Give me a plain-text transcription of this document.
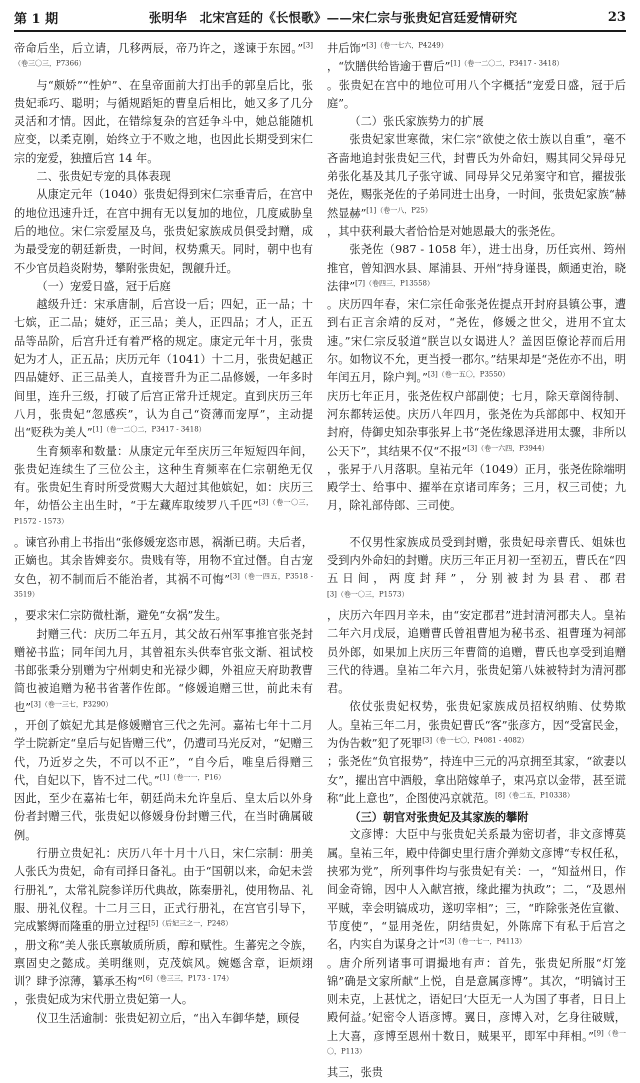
第 1 期	张明华　北宋宫廷的《长恨歌》——宋仁宗与张贵妃宫廷爱情研究	23

帝命后坐，后立请，几移两辰，帝乃许之，遂谏于东园。”$^{[3](卷三〇三,P7366)}$

与“颇娇”“性妒”、在皇帝面前大打出手的郭皇后比，张贵妃乖巧、聪明；与循规蹈矩的曹皇后相比，她又多了几分灵活和才情。因此，在错综复杂的宫廷争斗中，她总能随机应变，以柔克刚，始终立于不败之地，也因此长期受到宋仁宗的宠爱，独擅后宫 14 年。

二、张贵妃专宠的具体表现

从康定元年（1040）张贵妃得到宋仁宗垂青后，在宫中的地位迅速升迁，在宫中拥有无以复加的地位，几度威胁皇后的地位。宋仁宗爱屋及乌，张贵妃家族成员俱受封赠，成为最受宠的朝廷新贵，一时间，权势熏天。同时，朝中也有不少官员趋炎附势，攀附张贵妃，觊觎升迁。

（一）宠爱日盛，冠于后庭

越级升迁：宋承唐制，后宫设一后；四妃，正一品；十七嫔，正二品；婕妤，正三品；美人，正四品；才人，正五品等品阶，后宫升迁有着严格的规定。康定元年十月，张贵妃为才人，正五品；庆历元年（1041）十二月，张贵妃越正四品婕妤、正三品美人，直接晋升为正二品修媛，一年多时间里，连升三级，打破了后宫正常升迁规定。直到庆历三年八月，张贵妃“忽感疾”，认为自己“资薄而宠厚”，主动提出“贬秩为美人”$^{[1](卷一二〇二,P3417 - 3418)}$

生育频率和数量：从康定元年至庆历三年短短四年间，张贵妃连续生了三位公主，这种生育频率在仁宗朝绝无仅有。张贵妃生育时所受赏赐大大超过其他嫔妃，如：庆历三年，幼悟公主出生时，“于左藏库取绫罗八千匹”$^{[3](卷一〇三,P1572 - 1573)}$

。谏官孙甫上书指出“张修媛宠恣市恩，祸渐已萌。夫后者，正嫡也。其余皆婢妾尔。贵贱有等，用物不宜过僭。自古宠女色，初不制而后不能治者，其祸不可悔”$^{[3](卷一四五,P3518 - 3519)}$

，要求宋仁宗防微杜渐，避免“女祸”发生。

封赠三代：庆历二年五月，其父故石州军事推官张尧封赠祕书监；同年闰九月，其曾祖东头供奉官张文渐、祖试校书郎张秉分别赠为宁州刺史和光禄少卿，外祖应天府助教曹简也被追赠为秘书省著作佐郎。“修媛追赠三世，前此未有也”$^{[3](卷一三七,P3290)}$

，开创了嫔妃尤其是修媛赠官三代之先河。嘉祐七年十二月学士院新定“皇后与妃皆赠三代”，仍遭司马光反对，“妃赠三代，乃近岁之失，不可以不正”，“自今后，唯皇后得赠三代，自妃以下，皆不过二代。”$^{[1](卷一一,P16)}$

因此，至少在嘉祐七年，朝廷尚未允许皇后、皇太后以外身份者封赠三代，张贵妃以修媛身份封赠三代，在当时确属破例。

行册立贵妃礼：庆历八年十月十八日，宋仁宗制：册美人张氏为贵妃，命有司择日备礼。由于“国朝以来，命妃未尝行册礼”，太常礼院参详历代典故，陈秦册礼，使用物品、礼服、册礼仪程。十二月三日，正式行册礼，在宫官引导下，完成繁缛而隆重的册立过程$^{[5](后妃三之一,P248)}$

，册文称“美人张氏禀敏质所质，醇和赋性。生蕃宪之令族，禀固史之懿成。美明继则，克茂嫔风。婉嫕含章，讵烦翊训？肆予涼薄，纂承丕构”$^{[6](卷三三,P173 - 174)}$

，张贵妃成为宋代册立贵妃第一人。

仪卫生活逾制：张贵妃初立后，“出入车御华楚，顾侵

井后饰”$^{[3](卷一七六,P4249)}$

，“饮膳供给皆逾于曹后”$^{[1](卷一二〇二,P3417 - 3418)}$

。张贵妃在宫中的地位可用八个字概括“宠爱日盛，冠于后庭”。

（二）张氏家族势力的扩展

张贵妃家世寒微，宋仁宗“欲使之依士族以自重”，毫不吝啬地追封张贵妃三代，封曹氏为外命妇，赐其同父异母兄弟张化基及其几子张守诚、同母异父兄弟窦守和官，擢拔张尧佐，赐张尧佐的子弟同进士出身，一时间，张贵妃家族“赫然显赫”$^{[1](卷一八,P25)}$

，其中获利最大者恰恰是对她恩最大的张尧佐。

张尧佐（987 - 1058 年），进士出身，历任宾州、筠州推官，曾知泗水县、犀浦县、开州“持身谨畏，颇通吏治，晓法律”$^{[7](卷四三,P13558)}$

。庆历四年春，宋仁宗任命张尧佐提点开封府县镇公事，遭到右正言余靖的反对，“尧佐，修媛之世父，进用不宜太速。”宋仁宗反驳道“朕岂以女谒进人？盖因臣僚论荐而后用尔。如物议不允，更当授一郡尔。”结果却是“尧佐亦不出，明年闰五月，除户判。”$^{[3](卷一五〇,P3550)}$

庆历七年正月，张尧佐权户部副使；七月，除天章阁待制、河东都转运使。庆历八年四月，张尧佐为兵部郎中、权知开封府，侍御史知杂事张昇上书“尧佐缘恩泽进用太骤，非所以公天下”，其结果不仅“不报”$^{[3](卷一六四,P3944)}$

，张昇于八月落职。皇祐元年（1049）正月，张尧佐除端明殿学士、给事中、擢举在京诸司库务；三月，权三司使；九月，除礼部侍郎、三司使。

不仅男性家族成员受到封赠，张贵妃母亲曹氏、姐妹也受到内外命妇的封赠。庆历三年正月初一至初五，曹氏在“四五日间，两度封拜”，分别被封为县君、郡君$^{[3](卷一〇三,P1573)}$

，庆历六年四月辛未，由“安定郡君”进封清河郡夫人。皇祐二年六月戊辰，追赠曹氏曾祖曹旭为秘书丞、祖曹瑾为祠部员外郎，如果加上庆历三年曹简的追赠，曹氏也享受到追赠三代的待遇。皇祐二年六月，张贵妃第八妹被特封为清河郡君。

依仗张贵妃权势，张贵妃家族成员招权纳贿、仗势欺人。皇祐三年二月，张贵妃曹氏“客”张彦方，因“受富民金，为伪告敕”犯了死罪$^{[3](卷一七〇,P4081 - 4082)}$

；张尧佐“负官报势”，持连中三元的冯京拥至其家，“欲妻以女”，擢出宫中酒般，拿出陪嫁单子，束冯京以金带，甚至谎称“此上意也”，企图使冯京就范。$^{[8](卷二五,P10338)}$

（三）朝官对张贵妃及其家族的攀附

文彦博：大臣中与张贵妃关系最为密切者，非文彦博莫属。皇祐三年，殿中侍御史里行唐介弹劾文彦博“专权任私，挟邪为党”，所列事件均与张贵妃有关：一，“知益州日，作间金奇锦，因中人入献宫掖，缘此擢为执政”；二，“及恩州平贼，幸会明镐成功，遂叨宰相”；三，“昨除张尧佐宣徽、节度使”，“显用尧佐，阴结贵妃，外陈席下有私于后宫之名，内实自为谋身之计”$^{[3](卷一七一,P4113)}$

。唐介所列诸事可谓撮地有声：首先，张贵妃所服“灯笼锦”确是文家所献“上悦，自是意属彦博”。其次，“明镐讨王则未克，上甚忧之，语妃曰‘大臣无一人为国了事者，日日上殿何益。’妃密令人语彦博。翼日，彦博入对，乞身往破贼，上大喜，彦博至恩州十数日，贼果平，即军中拜相。”$^{[9](卷一〇,P113)}$

其三，张贵
